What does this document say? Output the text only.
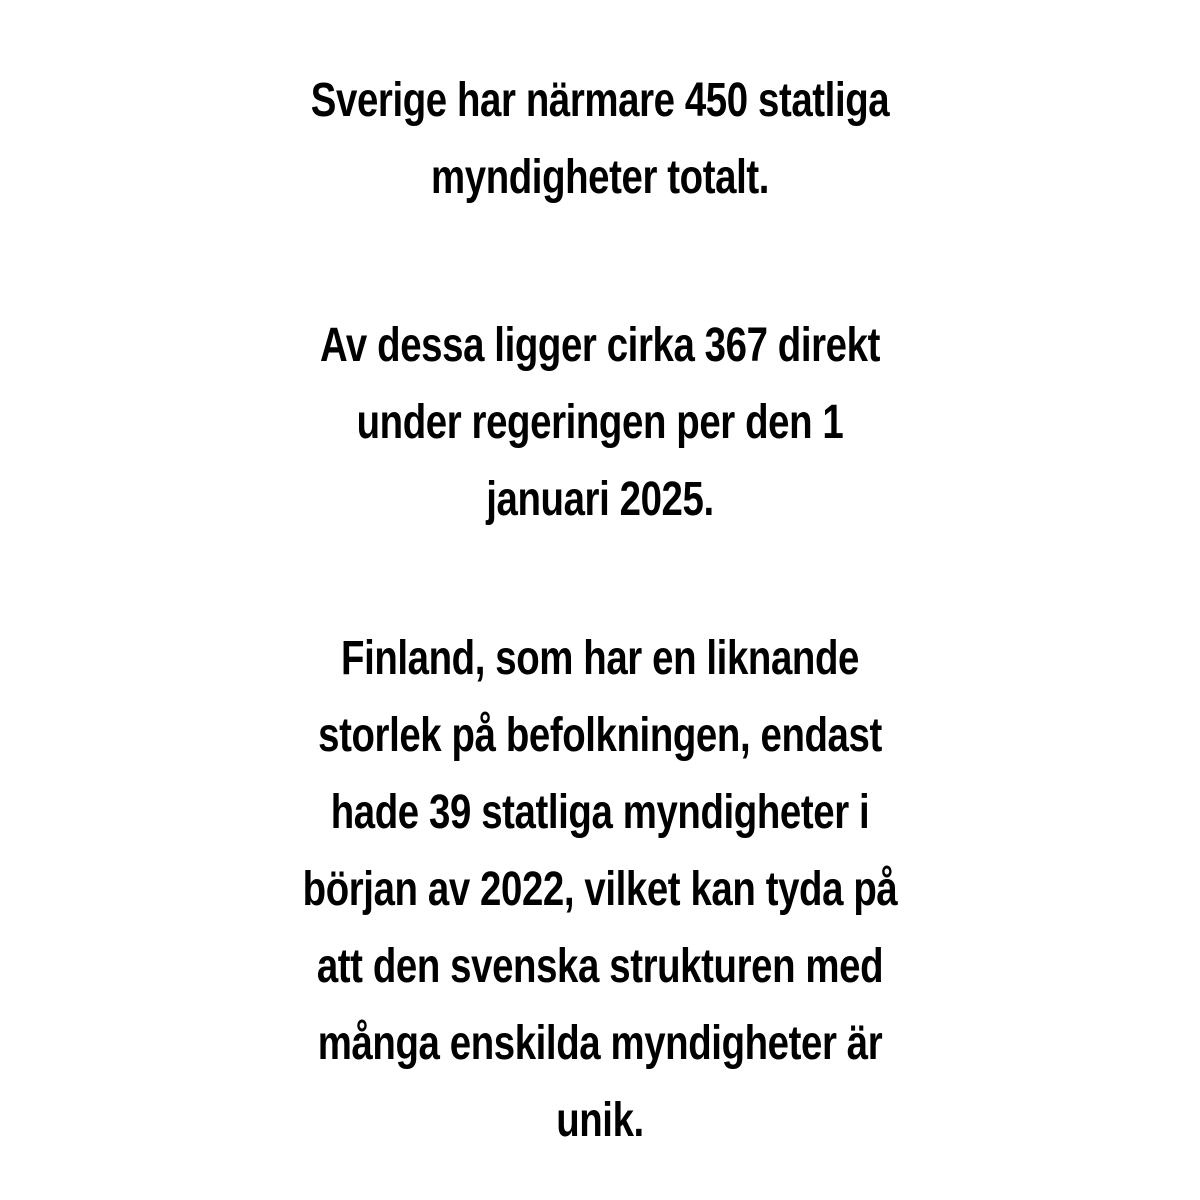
Sverige har närmare 450 statliga
myndigheter totalt.

Av dessa ligger cirka 367 direkt
under regeringen per den 1
januari 2025.

Finland, som har en liknande
storlek på befolkningen, endast
hade 39 statliga myndigheter i
början av 2022, vilket kan tyda på
att den svenska strukturen med
många enskilda myndigheter är
unik.
